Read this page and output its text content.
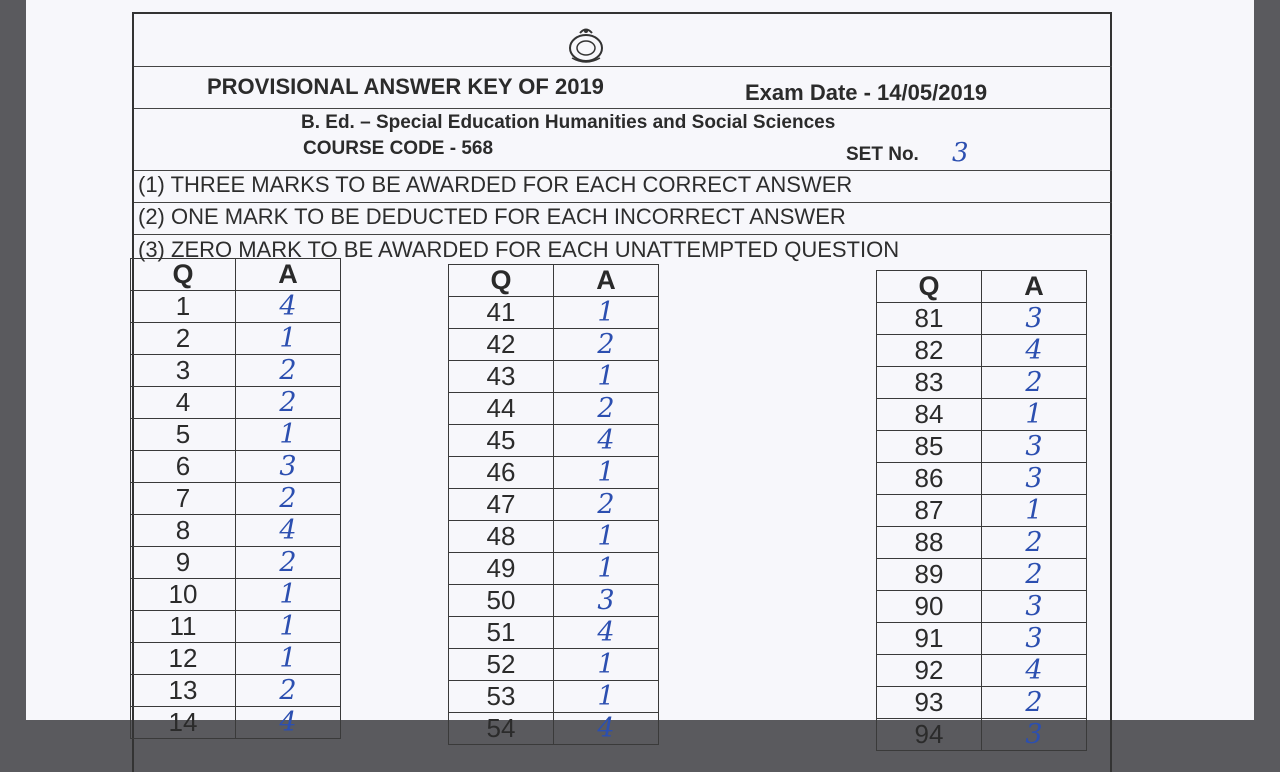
PROVISIONAL ANSWER KEY OF 2019	Exam Date - 14/05/2019
B. Ed. – Special Education Humanities and Social Sciences
COURSE CODE - 568	SET No. 3
(1) THREE MARKS TO BE AWARDED FOR EACH CORRECT ANSWER
(2) ONE MARK TO BE DEDUCTED FOR EACH INCORRECT ANSWER
(3) ZERO MARK TO BE AWARDED FOR EACH UNATTEMPTED QUESTION
Q	A
1	4
2	1
3	2
4	2
5	1
6	3
7	2
8	4
9	2
10	1
11	1
12	1
13	2
14	4
Q	A
41	1
42	2
43	1
44	2
45	4
46	1
47	2
48	1
49	1
50	3
51	4
52	1
53	1
54	4
Q	A
81	3
82	4
83	2
84	1
85	3
86	3
87	1
88	2
89	2
90	3
91	3
92	4
93	2
94	3
